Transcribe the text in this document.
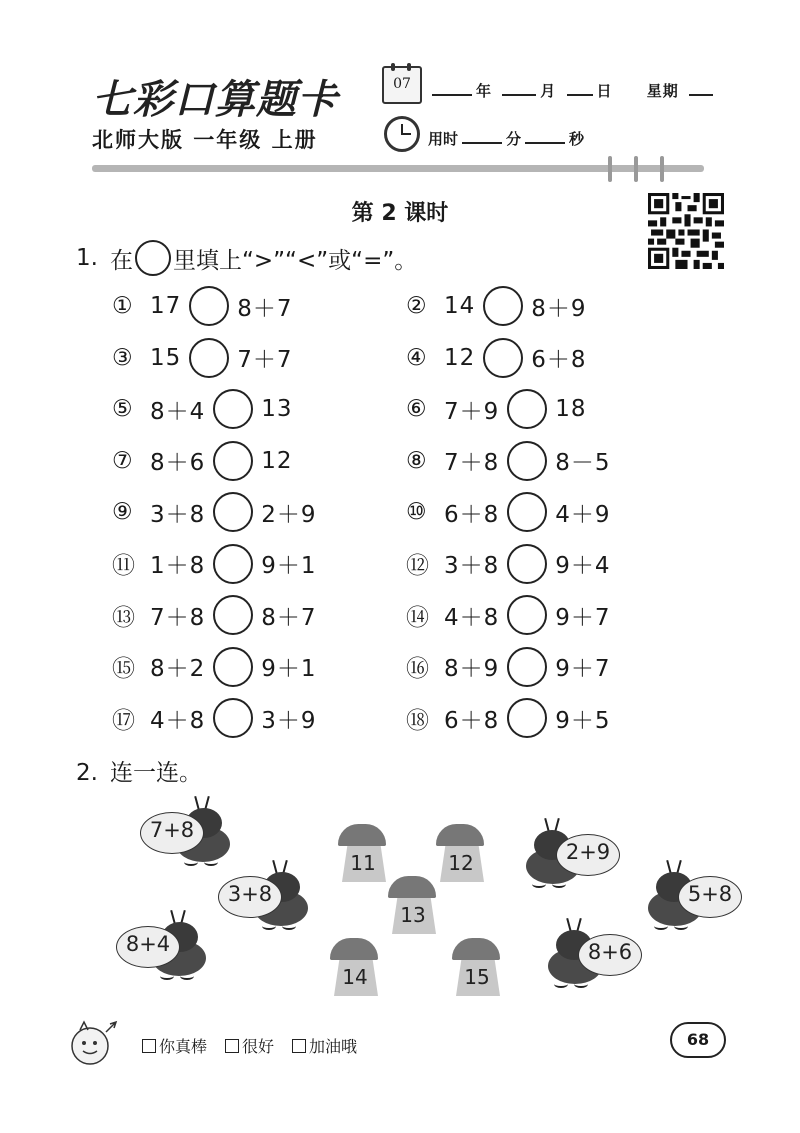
七彩口算题卡	07	年	月	日 星期
北师大版 一年级 上册	用时	分	秒
第 2 课时
1. 在 里填上“>”“<”或“=”。
① 17 8＋7	② 14 8＋9
③ 15 7＋7	④ 12 6＋8
⑤ 8＋4 13	⑥ 7＋9 18
⑦ 8＋6 12	⑧ 7＋8 8－5
⑨ 3＋8 2＋9	⑩ 6＋8 4＋9
⑪ 1＋8 9＋1	⑫ 3＋8 9＋4
⑬ 7＋8 8＋7	⑭ 4＋8 9＋7
⑮ 8＋2 9＋1	⑯ 8＋9 9＋7
⑰ 4＋8 3＋9	⑱ 6＋8 9＋5
2. 连一连。
7+8
3+8
8+4
2+9
5+8
8+6
11	12
13
14	15
你真棒 很好 加油哦	68
